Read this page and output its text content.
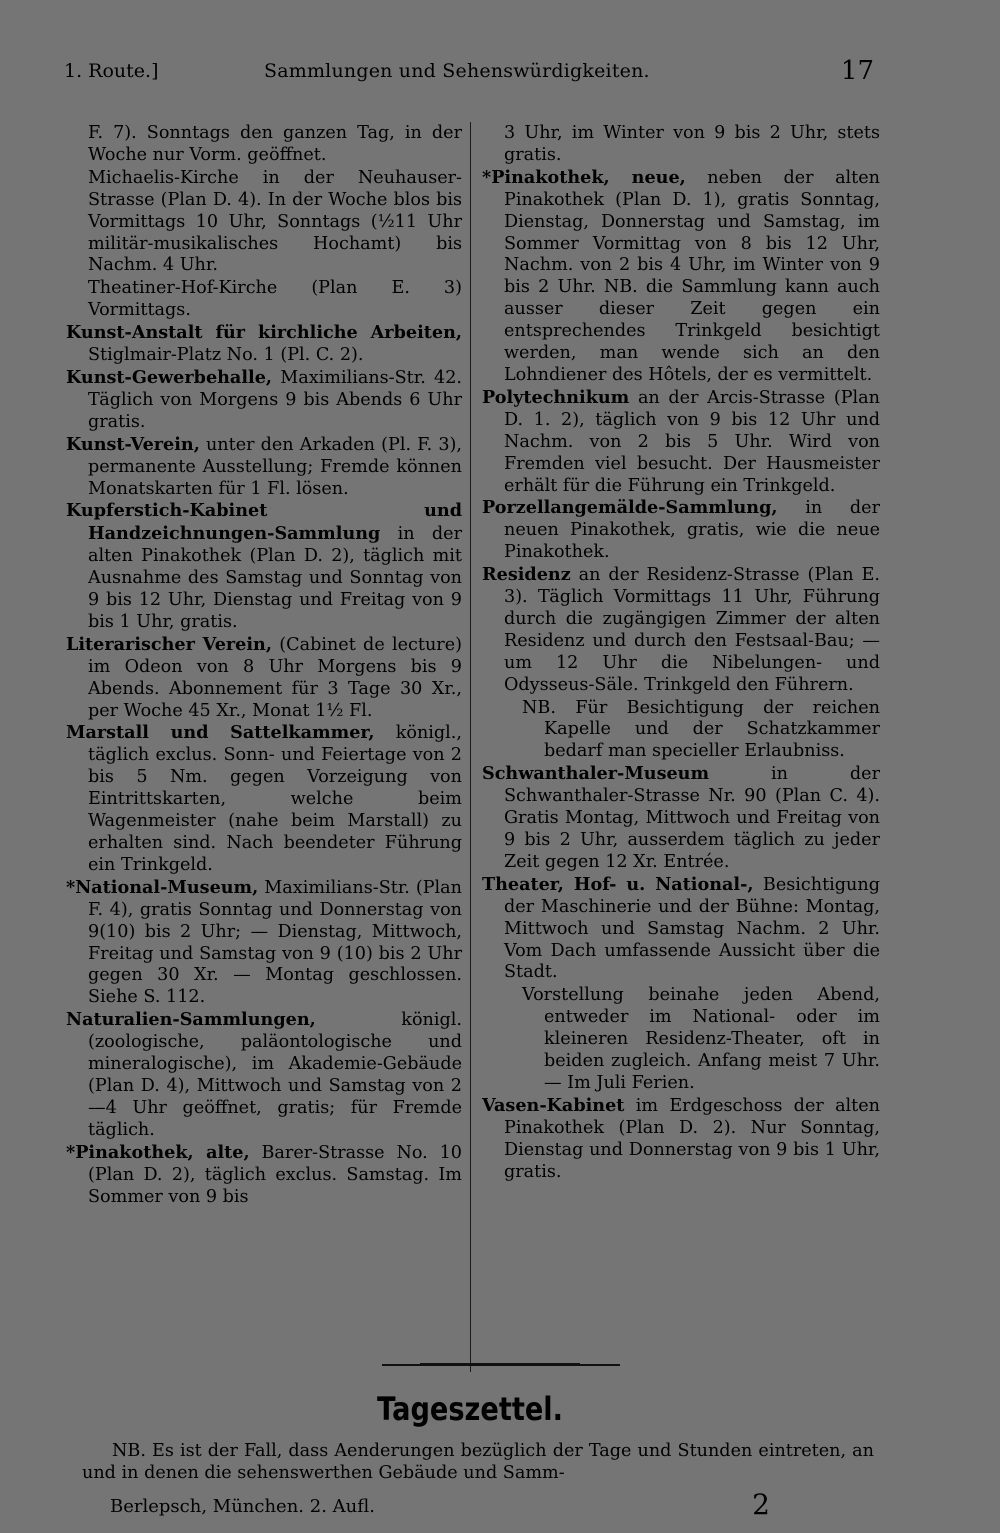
1. Route.]	Sammlungen und Sehenswürdigkeiten.	17

F. 7). Sonntags den ganzen Tag, in der Woche nur Vorm. geöffnet.

Michaelis-Kirche in der Neuhauser-Strasse (Plan D. 4). In der Woche blos bis Vormittags 10 Uhr, Sonntags (½11 Uhr militär-musikalisches Hochamt) bis Nachm. 4 Uhr.

Theatiner-Hof-Kirche (Plan E. 3) Vormittags.

Kunst-Anstalt für kirchliche Arbeiten, Stiglmair-Platz No. 1 (Pl. C. 2).

Kunst-Gewerbehalle, Maximilians-Str. 42. Täglich von Morgens 9 bis Abends 6 Uhr gratis.

Kunst-Verein, unter den Arkaden (Pl. F. 3), permanente Ausstellung; Fremde können Monatskarten für 1 Fl. lösen.

Kupferstich-Kabinet und Handzeichnungen-Sammlung in der alten Pinakothek (Plan D. 2), täglich mit Ausnahme des Samstag und Sonntag von 9 bis 12 Uhr, Dienstag und Freitag von 9 bis 1 Uhr, gratis.

Literarischer Verein, (Cabinet de lecture) im Odeon von 8 Uhr Morgens bis 9 Abends. Abonnement für 3 Tage 30 Xr., per Woche 45 Xr., Monat 1½ Fl.

Marstall und Sattelkammer, königl., täglich exclus. Sonn- und Feiertage von 2 bis 5 Nm. gegen Vorzeigung von Eintrittskarten, welche beim Wagenmeister (nahe beim Marstall) zu erhalten sind. Nach beendeter Führung ein Trinkgeld.

*National-Museum, Maximilians-Str. (Plan F. 4), gratis Sonntag und Donnerstag von 9(10) bis 2 Uhr; — Dienstag, Mittwoch, Freitag und Samstag von 9 (10) bis 2 Uhr gegen 30 Xr. — Montag geschlossen. Siehe S. 112.

Naturalien-Sammlungen, königl. (zoologische, paläontologische und mineralogische), im Akademie-Gebäude (Plan D. 4), Mittwoch und Samstag von 2—4 Uhr geöffnet, gratis; für Fremde täglich.

*Pinakothek, alte, Barer-Strasse No. 10 (Plan D. 2), täglich exclus. Samstag. Im Sommer von 9 bis

3 Uhr, im Winter von 9 bis 2 Uhr, stets gratis.

*Pinakothek, neue, neben der alten Pinakothek (Plan D. 1), gratis Sonntag, Dienstag, Donnerstag und Samstag, im Sommer Vormittag von 8 bis 12 Uhr, Nachm. von 2 bis 4 Uhr, im Winter von 9 bis 2 Uhr. NB. die Sammlung kann auch ausser dieser Zeit gegen ein entsprechendes Trinkgeld besichtigt werden, man wende sich an den Lohndiener des Hôtels, der es vermittelt.

Polytechnikum an der Arcis-Strasse (Plan D. 1. 2), täglich von 9 bis 12 Uhr und Nachm. von 2 bis 5 Uhr. Wird von Fremden viel besucht. Der Hausmeister erhält für die Führung ein Trinkgeld.

Porzellangemälde-Sammlung, in der neuen Pinakothek, gratis, wie die neue Pinakothek.

Residenz an der Residenz-Strasse (Plan E. 3). Täglich Vormittags 11 Uhr, Führung durch die zugängigen Zimmer der alten Residenz und durch den Festsaal-Bau; — um 12 Uhr die Nibelungen- und Odysseus-Säle. Trinkgeld den Führern.

NB. Für Besichtigung der reichen Kapelle und der Schatzkammer bedarf man specieller Erlaubniss.

Schwanthaler-Museum in der Schwanthaler-Strasse Nr. 90 (Plan C. 4). Gratis Montag, Mittwoch und Freitag von 9 bis 2 Uhr, ausserdem täglich zu jeder Zeit gegen 12 Xr. Entrée.

Theater, Hof- u. National-, Besichtigung der Maschinerie und der Bühne: Montag, Mittwoch und Samstag Nachm. 2 Uhr. Vom Dach umfassende Aussicht über die Stadt.

Vorstellung beinahe jeden Abend, entweder im National- oder im kleineren Residenz-Theater, oft in beiden zugleich. Anfang meist 7 Uhr. — Im Juli Ferien.

Vasen-Kabinet im Erdgeschoss der alten Pinakothek (Plan D. 2). Nur Sonntag, Dienstag und Donnerstag von 9 bis 1 Uhr, gratis.

Tageszettel.
NB. Es ist der Fall, dass Aenderungen bezüglich der Tage und Stunden eintreten, an und in denen die sehenswerthen Gebäude und Samm-
Berlepsch, München. 2. Aufl.	2
